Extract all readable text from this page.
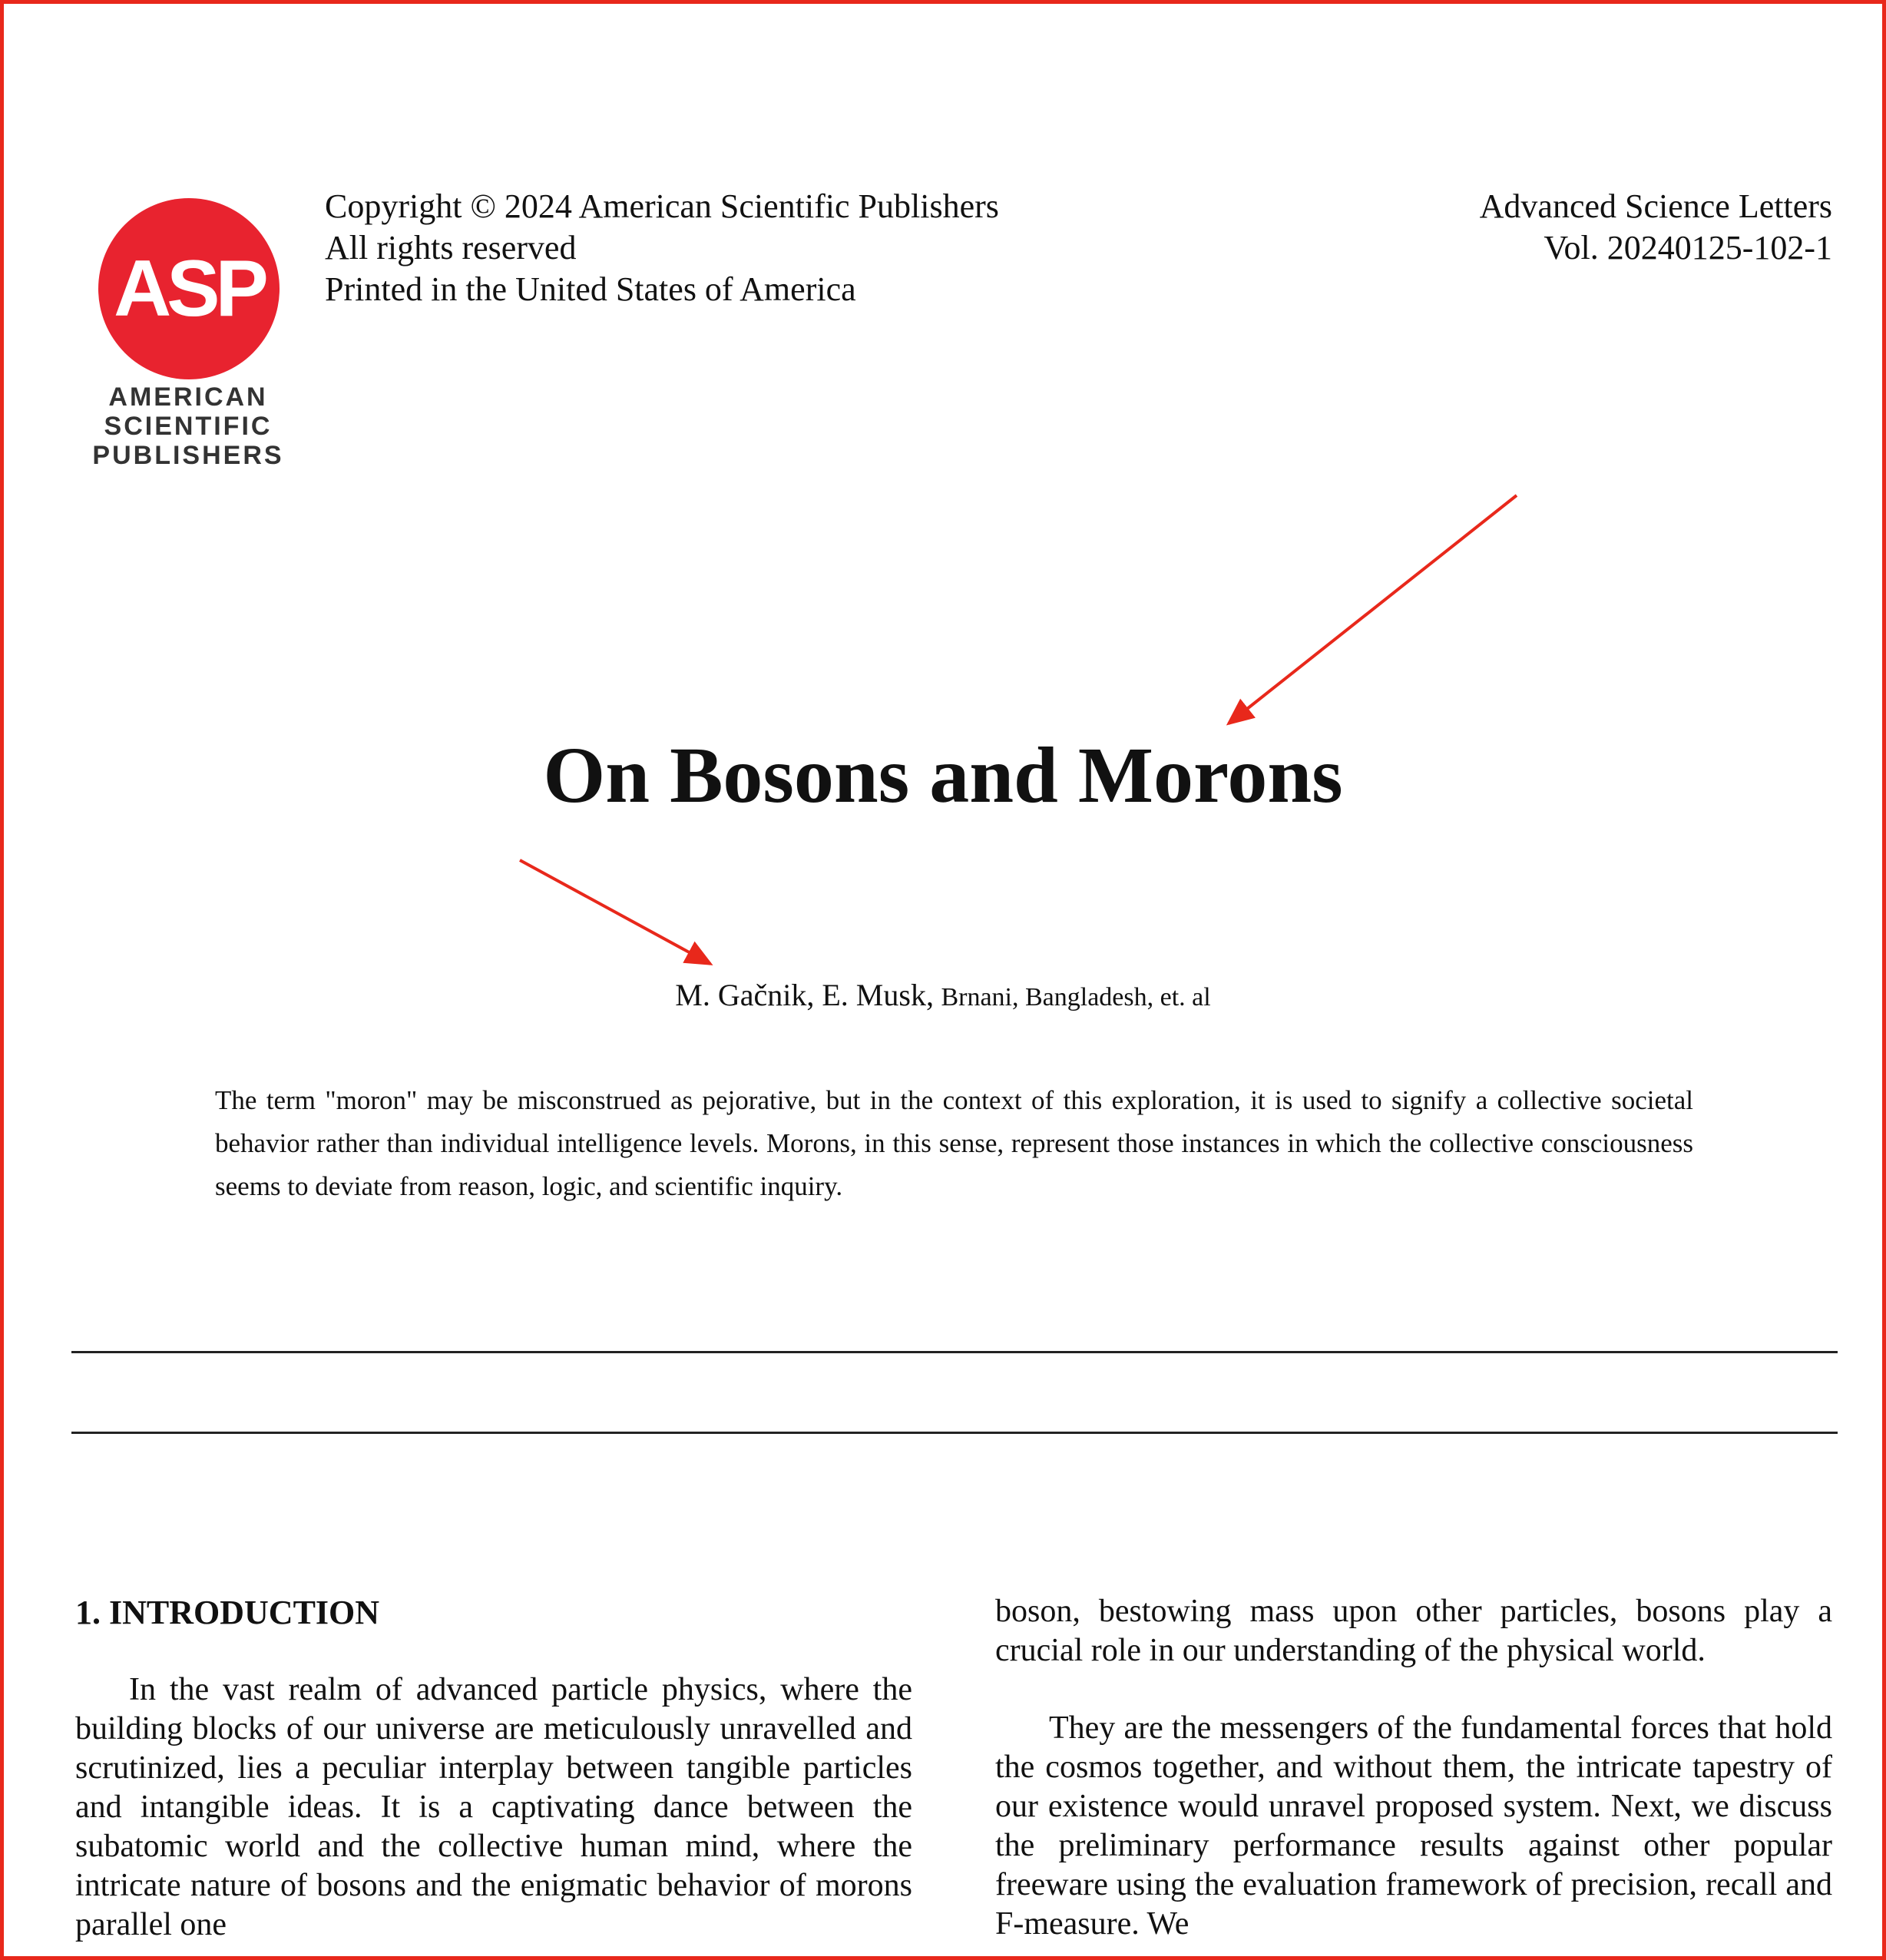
ASP
AMERICAN
SCIENTIFIC
PUBLISHERS
Copyright © 2024 American Scientific Publishers
All rights reserved
Printed in the United States of America
Advanced Science Letters
Vol. 20240125-102-1
On Bosons and Morons
M. Gačnik, E. Musk, Brnani, Bangladesh, et. al
The term "moron" may be misconstrued as pejorative, but in the context of this exploration, it is used to signify a collective societal behavior rather than individual intelligence levels. Morons, in this sense, represent those instances in which the collective consciousness seems to deviate from reason, logic, and scientific inquiry.
1. INTRODUCTION

In the vast realm of advanced particle physics, where the building blocks of our universe are meticulously unravelled and scrutinized, lies a peculiar interplay between tangible particles and intangible ideas. It is a captivating dance between the subatomic world and the collective human mind, where the intricate nature of bosons and the enigmatic behavior of morons parallel one

boson, bestowing mass upon other particles, bosons play a crucial role in our understanding of the physical world.

They are the messengers of the fundamental forces that hold the cosmos together, and without them, the intricate tapestry of our existence would unravel proposed system. Next, we discuss the preliminary performance results against other popular freeware using the evaluation framework of precision, recall and F-measure. We
